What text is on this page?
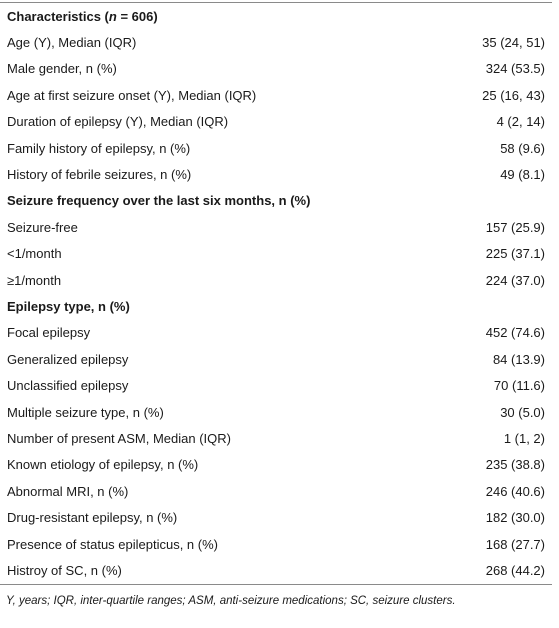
Characteristics (n = 606)
Age (Y), Median (IQR)	35 (24, 51)
Male gender, n (%)	324 (53.5)
Age at first seizure onset (Y), Median (IQR)	25 (16, 43)
Duration of epilepsy (Y), Median (IQR)	4 (2, 14)
Family history of epilepsy, n (%)	58 (9.6)
History of febrile seizures, n (%)	49 (8.1)
Seizure frequency over the last six months, n (%)
Seizure-free	157 (25.9)
<1/month	225 (37.1)
≥1/month	224 (37.0)
Epilepsy type, n (%)
Focal epilepsy	452 (74.6)
Generalized epilepsy	84 (13.9)
Unclassified epilepsy	70 (11.6)
Multiple seizure type, n (%)	30 (5.0)
Number of present ASM, Median (IQR)	1 (1, 2)
Known etiology of epilepsy, n (%)	235 (38.8)
Abnormal MRI, n (%)	246 (40.6)
Drug-resistant epilepsy, n (%)	182 (30.0)
Presence of status epilepticus, n (%)	168 (27.7)
Histroy of SC, n (%)	268 (44.2)
Y, years; IQR, inter-quartile ranges; ASM, anti-seizure medications; SC, seizure clusters.
